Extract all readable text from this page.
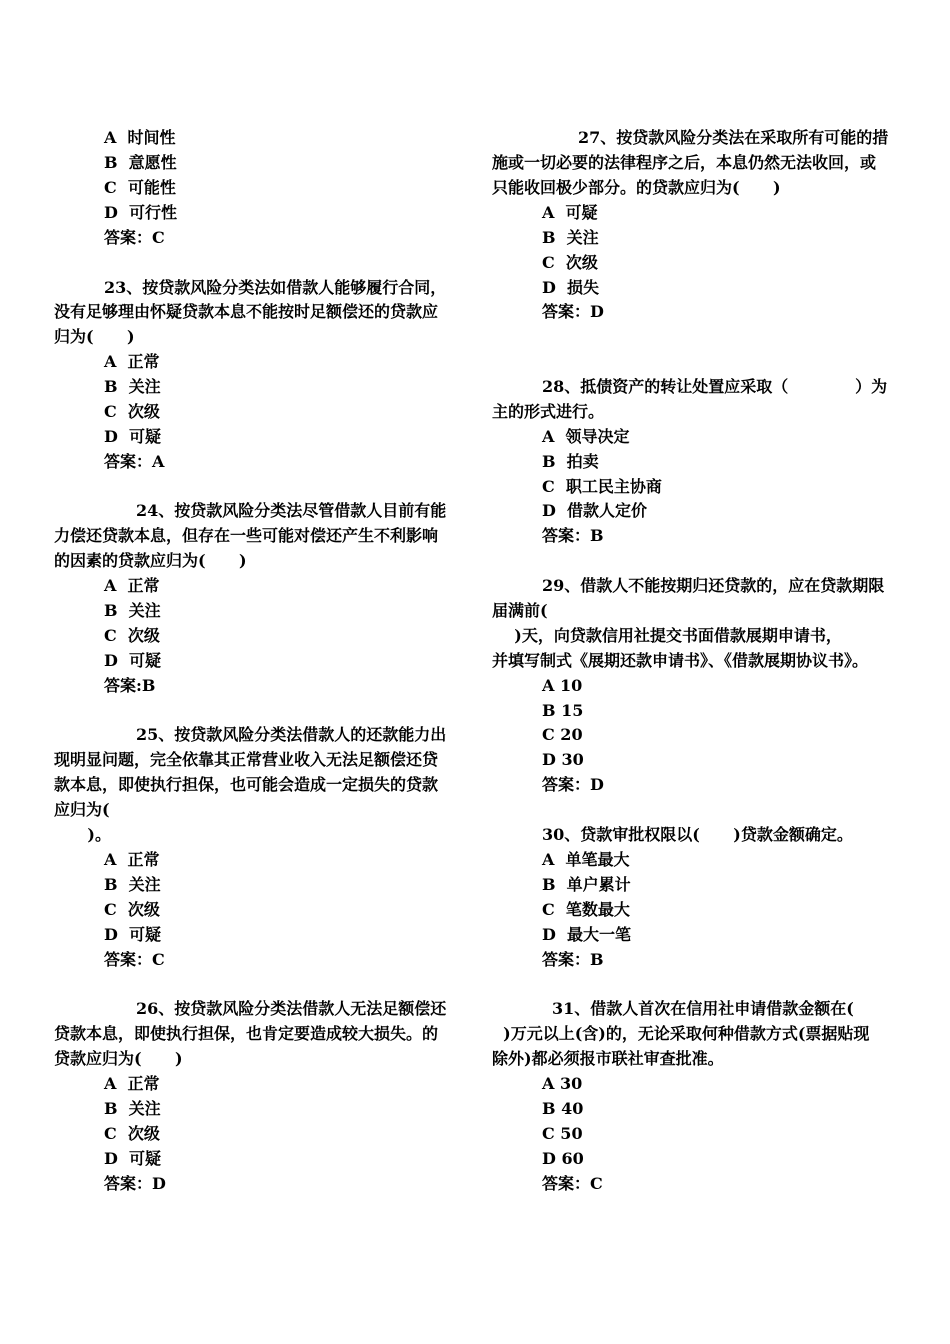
A  时间性
B  意愿性
C  可能性
D  可行性
答案：C
23、按贷款风险分类法如借款人能够履行合同，
没有足够理由怀疑贷款本息不能按时足额偿还的贷款应
归为(      )
A  正常
B  关注
C  次级
D  可疑
答案：A
24、按贷款风险分类法尽管借款人目前有能
力偿还贷款本息，但存在一些可能对偿还产生不利影响
的因素的贷款应归为(      )
A  正常
B  关注
C  次级
D  可疑
答案:B
25、按贷款风险分类法借款人的还款能力出
现明显问题，完全依靠其正常营业收入无法足额偿还贷
款本息，即使执行担保，也可能会造成一定损失的贷款
应归为(
)。
A  正常
B  关注
C  次级
D  可疑
答案：C
26、按贷款风险分类法借款人无法足额偿还
贷款本息，即使执行担保，也肯定要造成较大损失。的
贷款应归为(      )
A  正常
B  关注
C  次级
D  可疑
答案：D
27、按贷款风险分类法在采取所有可能的措
施或一切必要的法律程序之后，本息仍然无法收回，或
只能收回极少部分。的贷款应归为(      )
A  可疑
B  关注
C  次级
D  损失
答案：D
28、抵债资产的转让处置应采取（            ）为
主的形式进行。
A  领导决定
B  拍卖
C  职工民主协商
D  借款人定价
答案：B
29、借款人不能按期归还贷款的，应在贷款期限
届满前(
)天，向贷款信用社提交书面借款展期申请书，
并填写制式《展期还款申请书》、《借款展期协议书》。
A 10
B 15
C 20
D 30
答案：D
30、贷款审批权限以(      )贷款金额确定。
A  单笔最大
B  单户累计
C  笔数最大
D  最大一笔
答案：B
31、借款人首次在信用社申请借款金额在(
)万元以上(含)的，无论采取何种借款方式(票据贴现
除外)都必须报市联社审查批准。
A 30
B 40
C 50
D 60
答案：C
